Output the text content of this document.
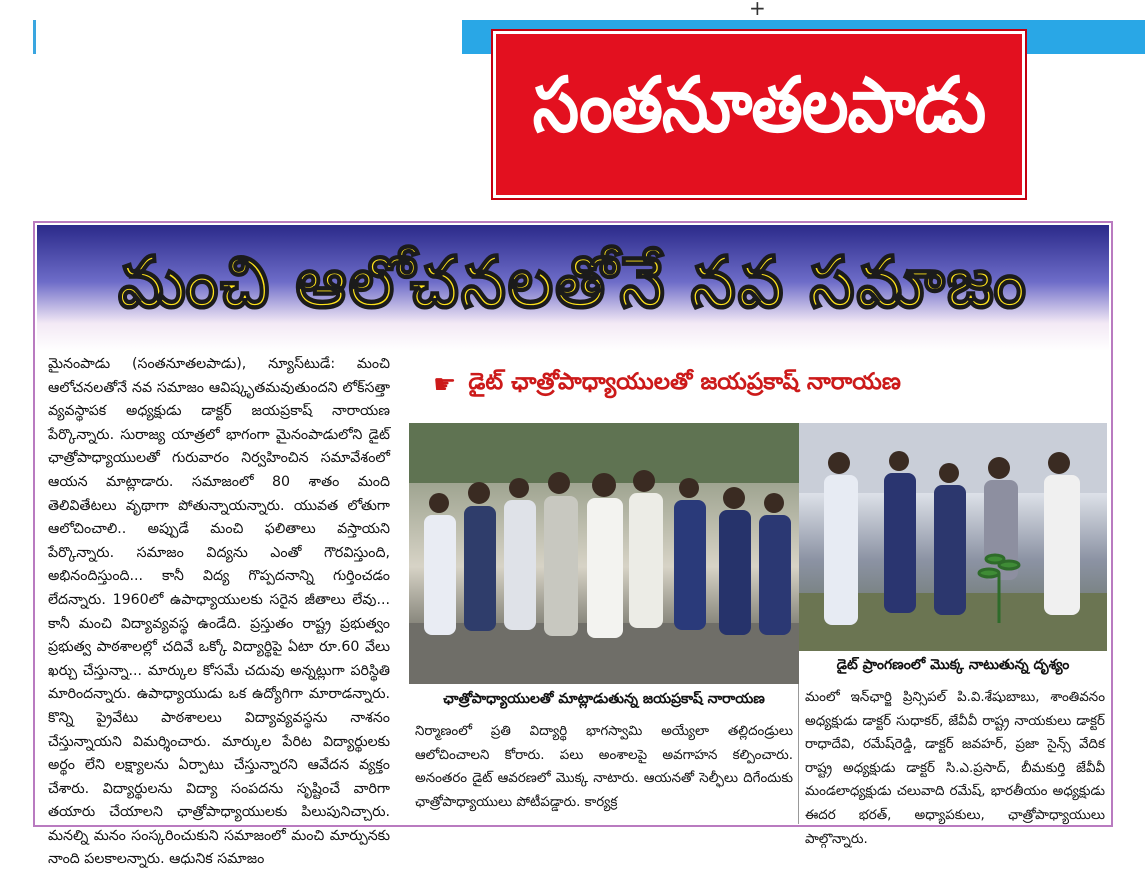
+
సంతనూతలపాడు
మంచి ఆలోచనలతోనే నవ సమాజం

మైనంపాడు (సంతనూతలపాడు), న్యూస్‌టుడే: మంచి ఆలోచనలతోనే నవ సమాజం ఆవిష్కృతమవుతుందని లోక్‌సత్తా వ్యవస్థాపక అధ్యక్షుడు డాక్టర్ జయప్రకాష్ నారాయణ పేర్కొన్నారు. సురాజ్య యాత్రలో భాగంగా మైనంపాడులోని డైట్ ఛాత్రోపాధ్యాయులతో గురువారం నిర్వహించిన సమావేశంలో ఆయన మాట్లాడారు. సమాజంలో 80 శాతం మంది తెలివితేటలు వృథాగా పోతున్నాయన్నారు. యువత లోతుగా ఆలోచించాలి.. అప్పుడే మంచి ఫలితాలు వస్తాయని పేర్కొన్నారు. సమాజం విద్యను ఎంతో గౌరవిస్తుంది, అభినందిస్తుంది... కానీ విద్య గొప్పదనాన్ని గుర్తించడం లేదన్నారు. 1960లో ఉపాధ్యాయులకు సరైన జీతాలు లేవు... కానీ మంచి విద్యావ్యవస్థ ఉండేది. ప్రస్తుతం రాష్ట్ర ప్రభుత్వం ప్రభుత్వ పాఠశాలల్లో చదివే ఒక్కో విద్యార్థిపై ఏటా రూ.60 వేలు ఖర్చు చేస్తున్నా... మార్కుల కోసమే చదువు అన్నట్లుగా పరిస్థితి మారిందన్నారు. ఉపాధ్యాయుడు ఒక ఉద్యోగిగా మారాడన్నారు. కొన్ని ప్రైవేటు పాఠశాలలు విద్యావ్యవస్థను నాశనం చేస్తున్నాయని విమర్శించారు. మార్కుల పేరిట విద్యార్థులకు అర్థం లేని లక్ష్యాలను ఏర్పాటు చేస్తున్నారని ఆవేదన వ్యక్తం చేశారు. విద్యార్థులను విద్యా సంపదను సృష్టించే వారిగా తయారు చేయాలని ఛాత్రోపాధ్యాయులకు పిలుపునిచ్చారు. మనల్ని మనం సంస్కరించుకుని సమాజంలో మంచి మార్పునకు నాంది పలకాలన్నారు. ఆధునిక సమాజం

☛ డైట్ ఛాత్రోపాధ్యాయులతో జయప్రకాష్ నారాయణ
ఛాత్రోపాధ్యాయులతో మాట్లాడుతున్న జయప్రకాష్ నారాయణ
డైట్ ప్రాంగణంలో మొక్క నాటుతున్న దృశ్యం

నిర్మాణంలో ప్రతి విద్యార్థి భాగస్వామి అయ్యేలా తల్లిదండ్రులు ఆలోచించాలని కోరారు. పలు అంశాలపై అవగాహన కల్పించారు. అనంతరం డైట్ ఆవరణలో మొక్క నాటారు. ఆయనతో సెల్ఫీలు దిగేందుకు ఛాత్రోపాధ్యాయులు పోటీపడ్డారు. కార్యక్ర

మంలో ఇన్‌ఛార్జి ప్రిన్సిపల్ పి.వి.శేషుబాబు, శాంతివనం అధ్యక్షుడు డాక్టర్ సుధాకర్, జేవీవీ రాష్ట్ర నాయకులు డాక్టర్ రాధాదేవి, రమేష్‌రెడ్డి, డాక్టర్ జవహర్, ప్రజా సైన్స్ వేదిక రాష్ట్ర అధ్యక్షుడు డాక్టర్ సి.ఎ.ప్రసాద్, బీమకుర్తి జేవీవీ మండలాధ్యక్షుడు చలువాది రమేష్, భారతీయం అధ్యక్షుడు ఈదర భరత్, అధ్యాపకులు, ఛాత్రోపాధ్యాయులు పాల్గొన్నారు.
